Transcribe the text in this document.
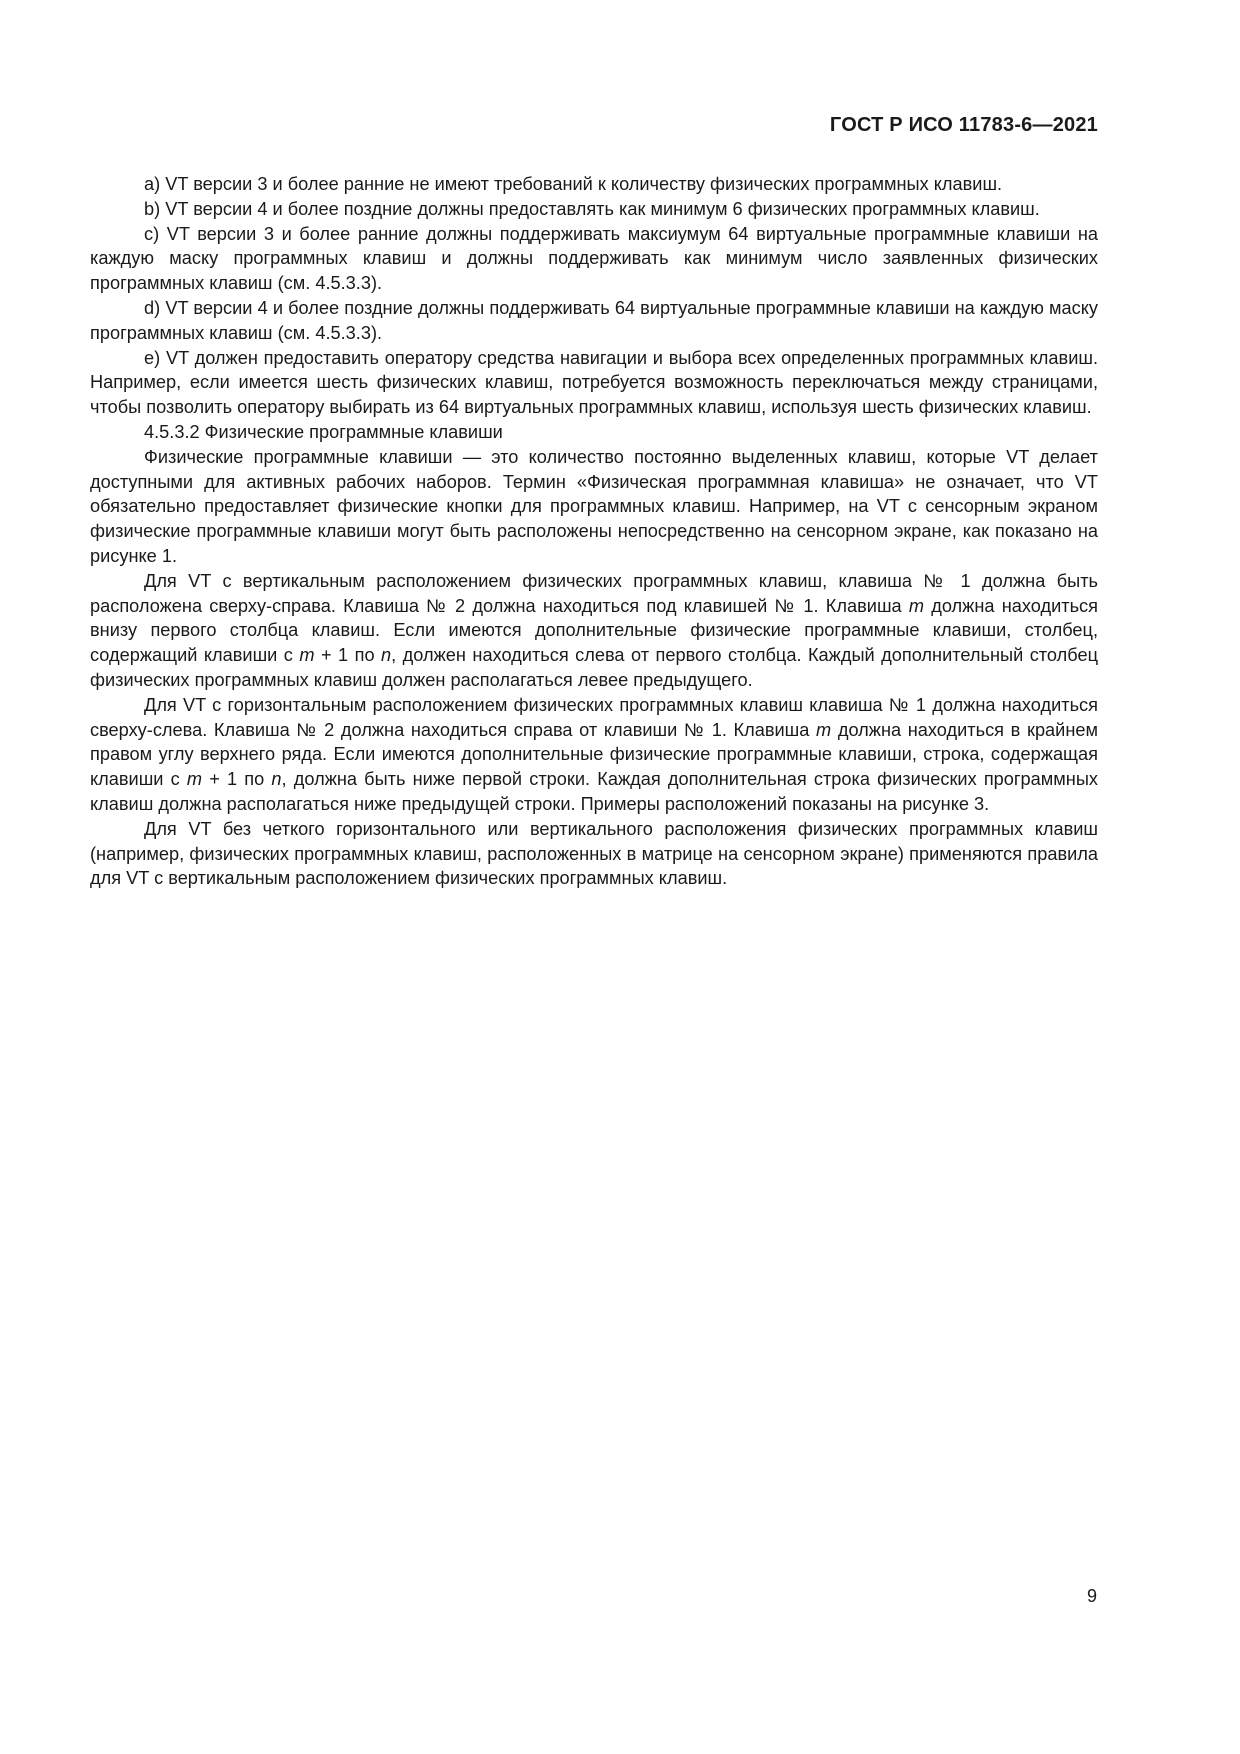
ГОСТ Р ИСО 11783-6—2021

a) VT версии 3 и более ранние не имеют требований к количеству физических программных клавиш.

b) VT версии 4 и более поздние должны предоставлять как минимум 6 физических программных клавиш.

c) VT версии 3 и более ранние должны поддерживать максиумум 64 виртуальные программные клавиши на каждую маску программных клавиш и должны поддерживать как минимум число заявленных физических программных клавиш (см. 4.5.3.3).

d) VT версии 4 и более поздние должны поддерживать 64 виртуальные программные клавиши на каждую маску программных клавиш (см. 4.5.3.3).

e) VT должен предоставить оператору средства навигации и выбора всех определенных программных клавиш. Например, если имеется шесть физических клавиш, потребуется возможность переключаться между страницами, чтобы позволить оператору выбирать из 64 виртуальных программных клавиш, используя шесть физических клавиш.

4.5.3.2 Физические программные клавиши

Физические программные клавиши — это количество постоянно выделенных клавиш, которые VT делает доступными для активных рабочих наборов. Термин «Физическая программная клавиша» не означает, что VT обязательно предоставляет физические кнопки для программных клавиш. Например, на VT с сенсорным экраном физические программные клавиши могут быть расположены непосредственно на сенсорном экране, как показано на рисунке 1.

Для VT с вертикальным расположением физических программных клавиш, клавиша № 1 должна быть расположена сверху-справа. Клавиша № 2 должна находиться под клавишей № 1. Клавиша m должна находиться внизу первого столбца клавиш. Если имеются дополнительные физические программные клавиши, столбец, содержащий клавиши с m + 1 по n, должен находиться слева от первого столбца. Каждый дополнительный столбец физических программных клавиш должен располагаться левее предыдущего.

Для VT с горизонтальным расположением физических программных клавиш клавиша № 1 должна находиться сверху-слева. Клавиша № 2 должна находиться справа от клавиши № 1. Клавиша m должна находиться в крайнем правом углу верхнего ряда. Если имеются дополнительные физические программные клавиши, строка, содержащая клавиши с m + 1 по n, должна быть ниже первой строки. Каждая дополнительная строка физических программных клавиш должна располагаться ниже предыдущей строки. Примеры расположений показаны на рисунке 3.

Для VT без четкого горизонтального или вертикального расположения физических программных клавиш (например, физических программных клавиш, расположенных в матрице на сенсорном экране) применяются правила для VT с вертикальным расположением физических программных клавиш.

9
